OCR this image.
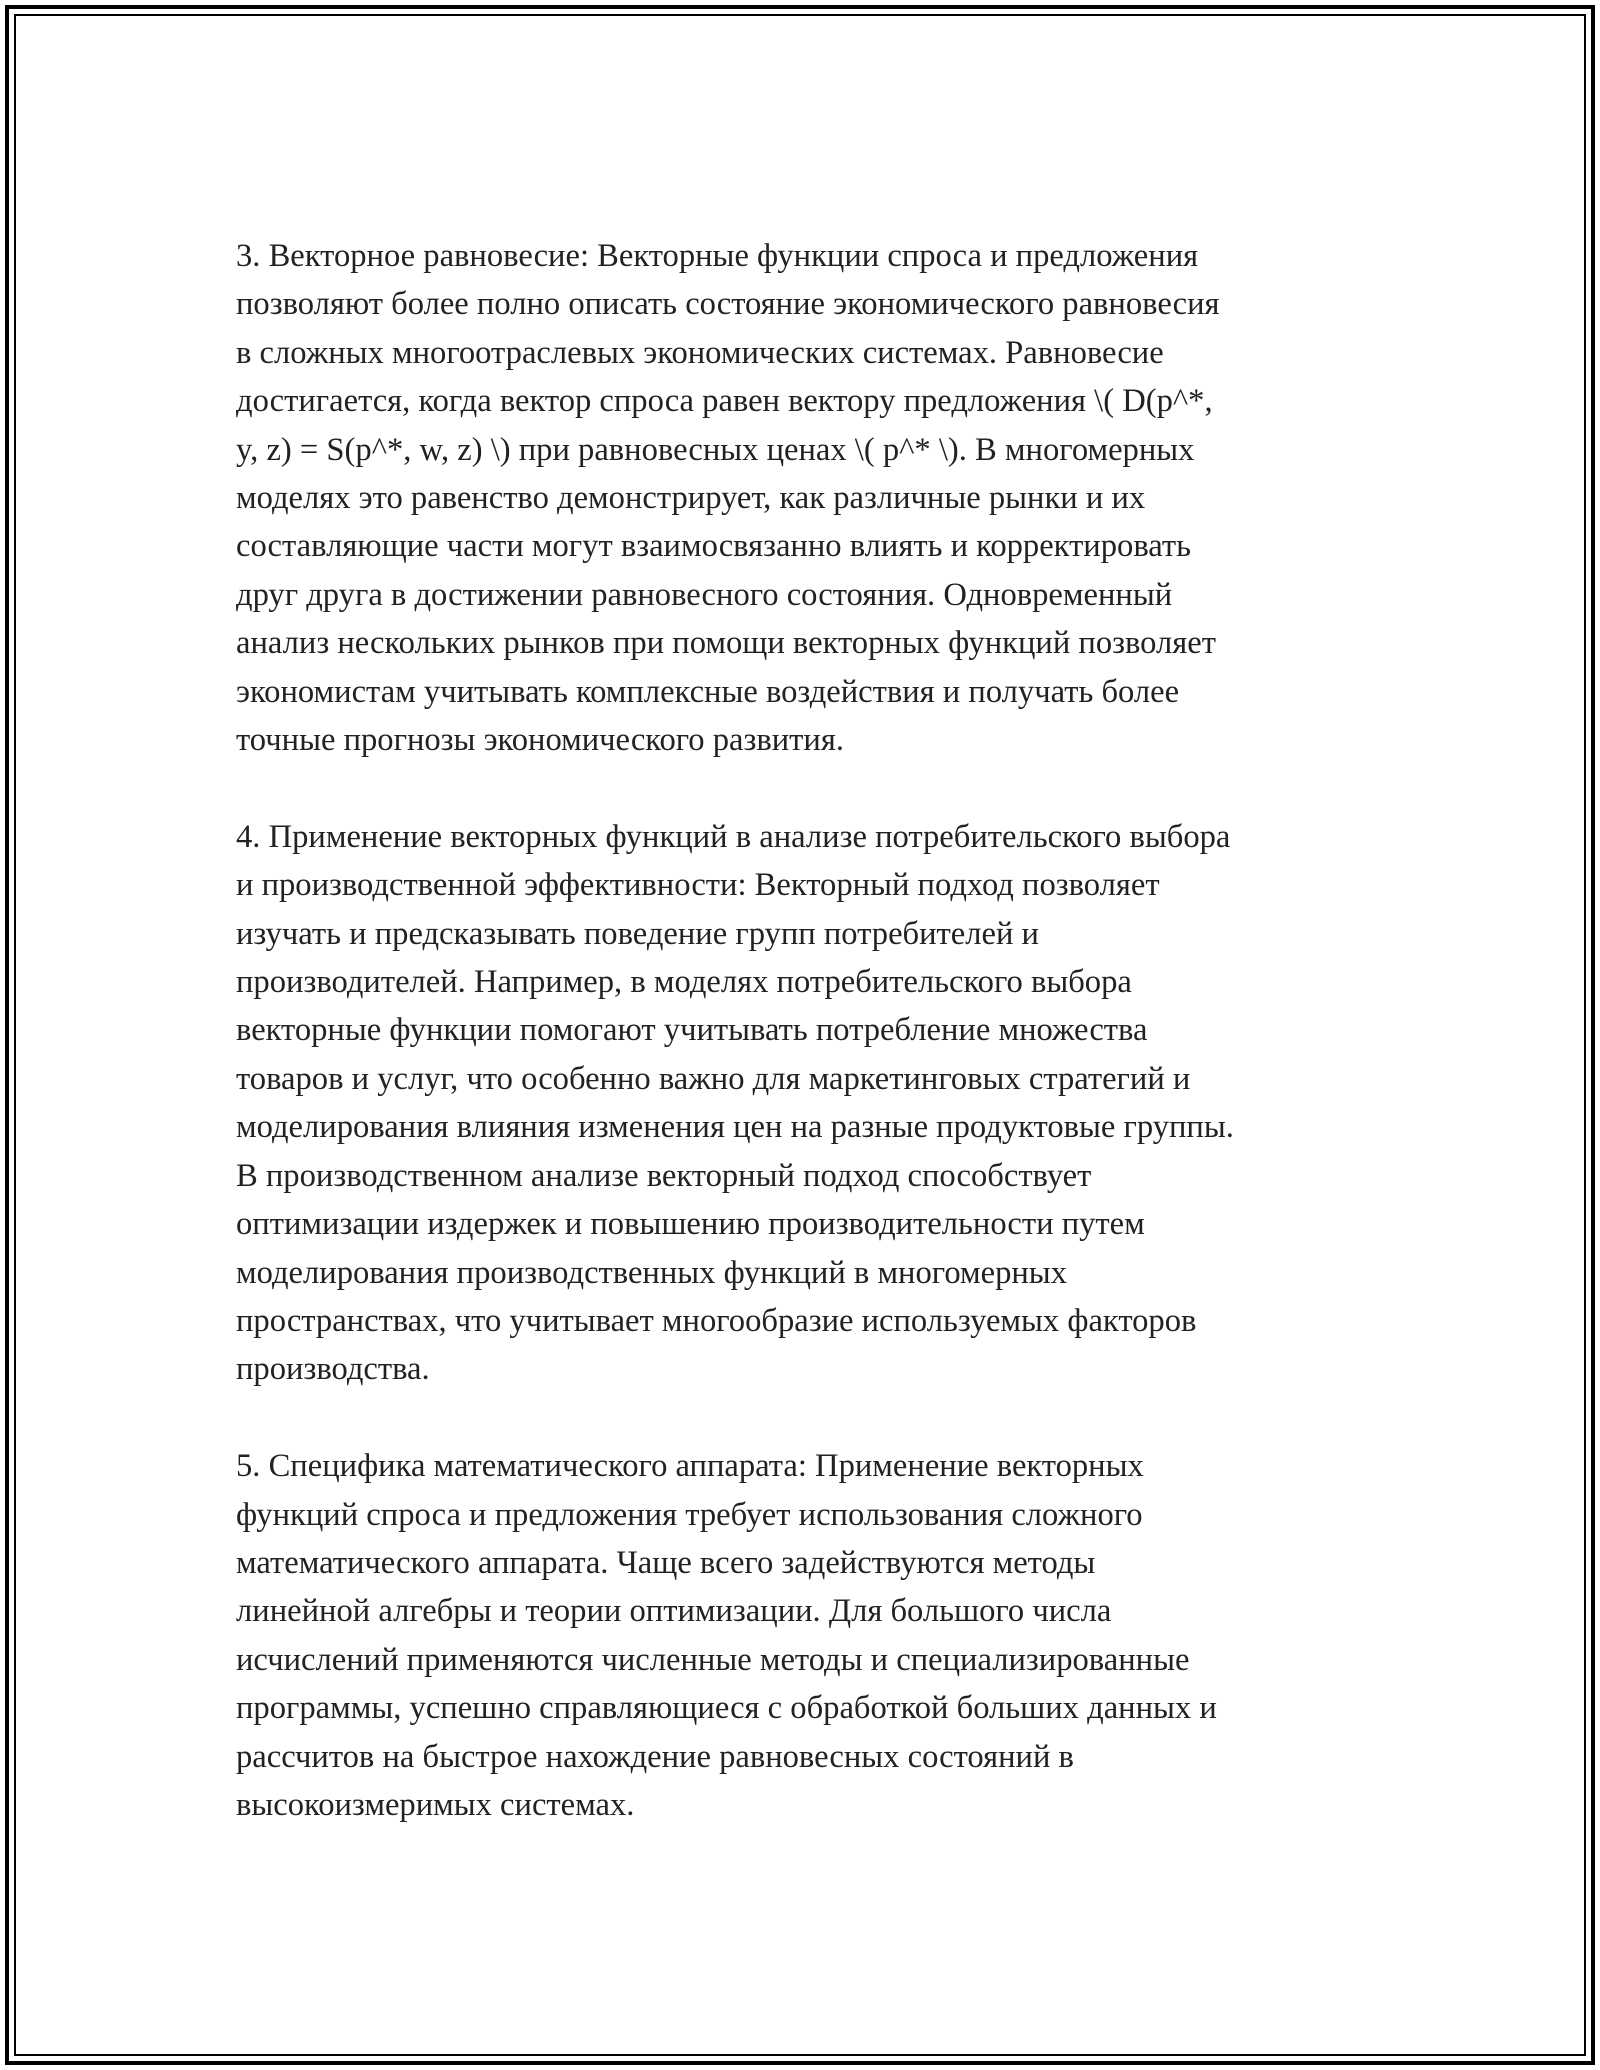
3. Векторное равновесие: Векторные функции спроса и предложения
позволяют более полно описать состояние экономического равновесия
в сложных многоотраслевых экономических системах. Равновесие
достигается, когда вектор спроса равен вектору предложения \( D(p^*,
y, z) = S(p^*, w, z) \) при равновесных ценах \( p^* \). В многомерных
моделях это равенство демонстрирует, как различные рынки и их
составляющие части могут взаимосвязанно влиять и корректировать
друг друга в достижении равновесного состояния. Одновременный
анализ нескольких рынков при помощи векторных функций позволяет
экономистам учитывать комплексные воздействия и получать более
точные прогнозы экономического развития.
4. Применение векторных функций в анализе потребительского выбора
и производственной эффективности: Векторный подход позволяет
изучать и предсказывать поведение групп потребителей и
производителей. Например, в моделях потребительского выбора
векторные функции помогают учитывать потребление множества
товаров и услуг, что особенно важно для маркетинговых стратегий и
моделирования влияния изменения цен на разные продуктовые группы.
В производственном анализе векторный подход способствует
оптимизации издержек и повышению производительности путем
моделирования производственных функций в многомерных
пространствах, что учитывает многообразие используемых факторов
производства.
5. Специфика математического аппарата: Применение векторных
функций спроса и предложения требует использования сложного
математического аппарата. Чаще всего задействуются методы
линейной алгебры и теории оптимизации. Для большого числа
исчислений применяются численные методы и специализированные
программы, успешно справляющиеся с обработкой больших данных и
рассчитов на быстрое нахождение равновесных состояний в
высокоизмеримых системах.
